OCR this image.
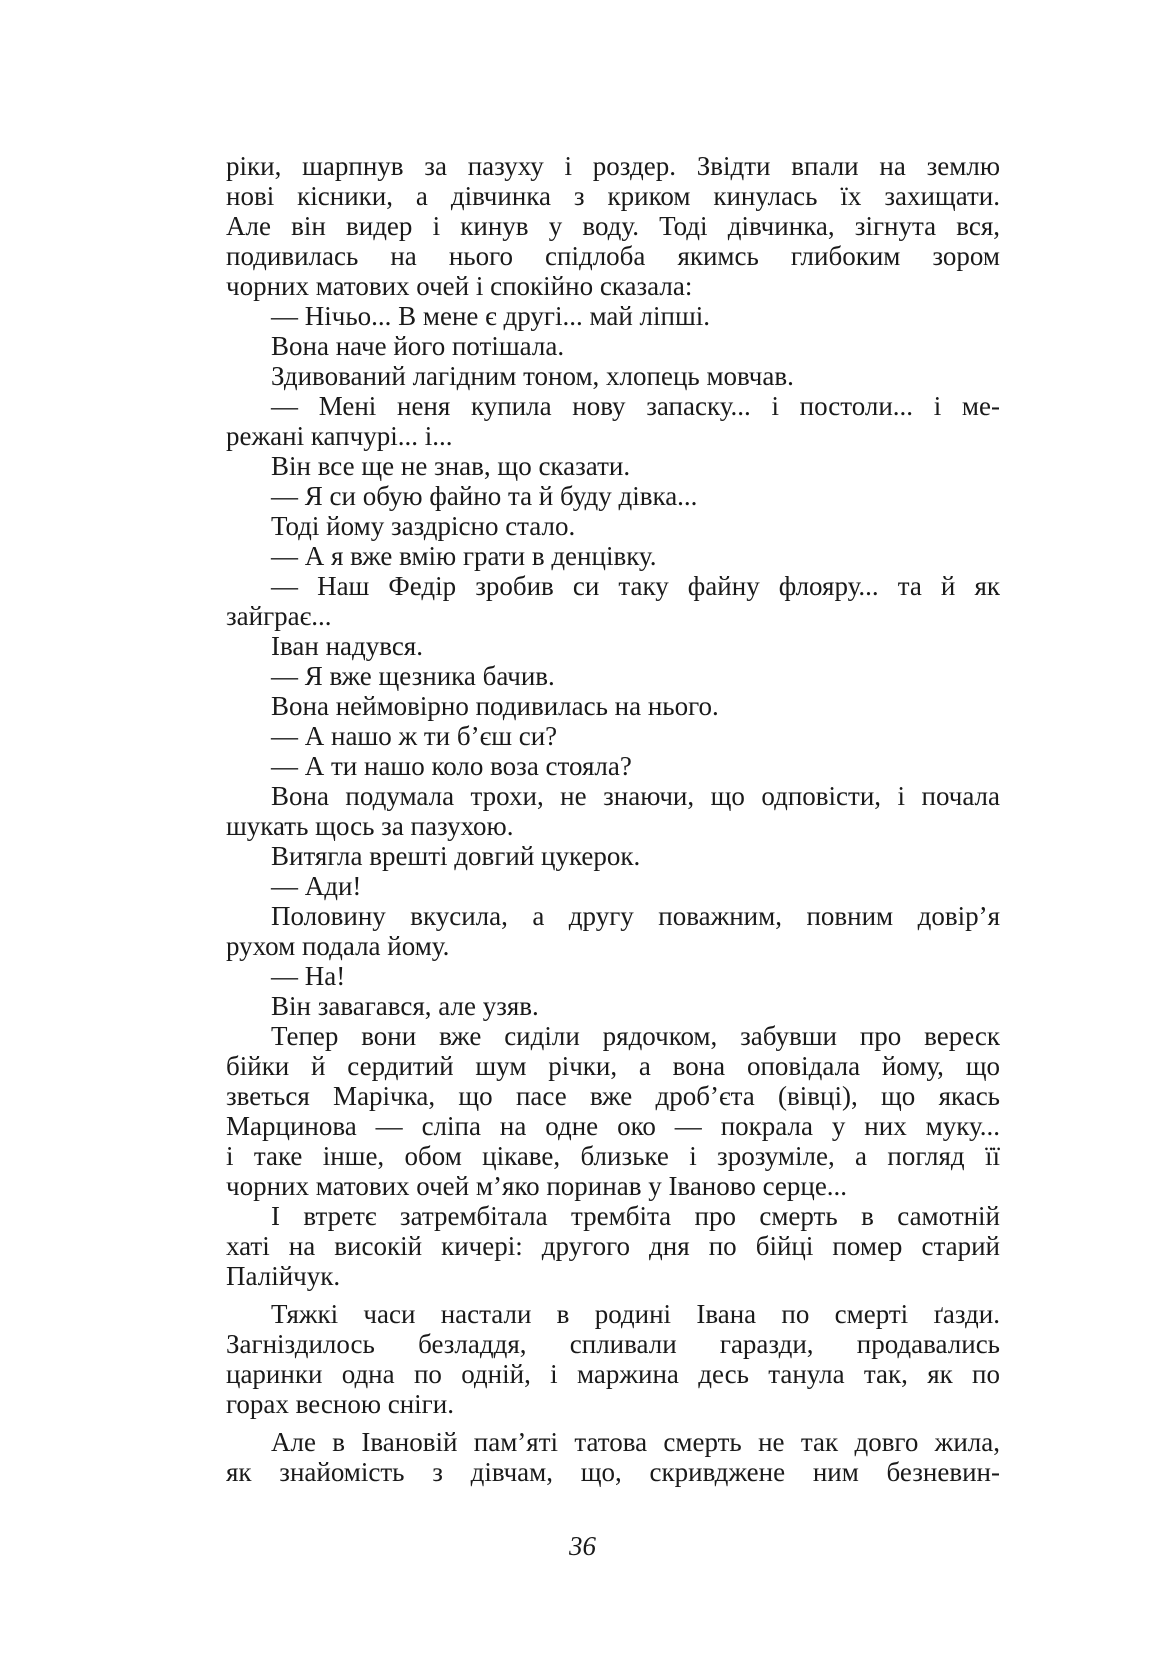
ріки, шарпнув за пазуху і роздер. Звідти впали на землю
нові кісники, а дівчинка з криком кинулась їх захищати.
Але він видер і кинув у воду. Тоді дівчинка, зігнута вся,
подивилась на нього спідлоба якимсь глибоким зором
чорних матових очей і спокійно сказала:
— Нічьо... В мене є другі... май ліпші.
Вона наче його потішала.
Здивований лагідним тоном, хлопець мовчав.
— Мені неня купила нову запаску... і постоли... і ме-
режані капчурі... і...
Він все ще не знав, що сказати.
— Я си обую файно та й буду дівка...
Тоді йому заздрісно стало.
— А я вже вмію грати в денцівку.
— Наш Федір зробив си таку файну флояру... та й як
зайграє...
Іван надувся.
— Я вже щезника бачив.
Вона неймовірно подивилась на нього.
— А нашо ж ти б’єш си?
— А ти нашо коло воза стояла?
Вона подумала трохи, не знаючи, що одповісти, і почала
шукать щось за пазухою.
Витягла врешті довгий цукерок.
— Ади!
Половину вкусила, а другу поважним, повним довір’я
рухом подала йому.
— На!
Він завагався, але узяв.
Тепер вони вже сиділи рядочком, забувши про вереск
бійки й сердитий шум річки, а вона оповідала йому, що
зветься Марічка, що пасе вже дроб’єта (вівці), що якась
Марцинова — сліпа на одне око — покрала у них муку...
і таке інше, обом цікаве, близьке і зрозуміле, а погляд її
чорних матових очей м’яко поринав у Іваново серце...
І втретє затрембітала трембіта про смерть в самотній
хаті на високій кичері: другого дня по бійці помер старий
Палійчук.
Тяжкі часи настали в родині Івана по смерті ґазди.
Загніздилось безладдя, спливали гаразди, продавались
царинки одна по одній, і маржина десь танула так, як по
горах весною сніги.
Але в Івановій пам’яті татова смерть не так довго жила,
як знайомість з дівчам, що, скривджене ним безневин-
36
